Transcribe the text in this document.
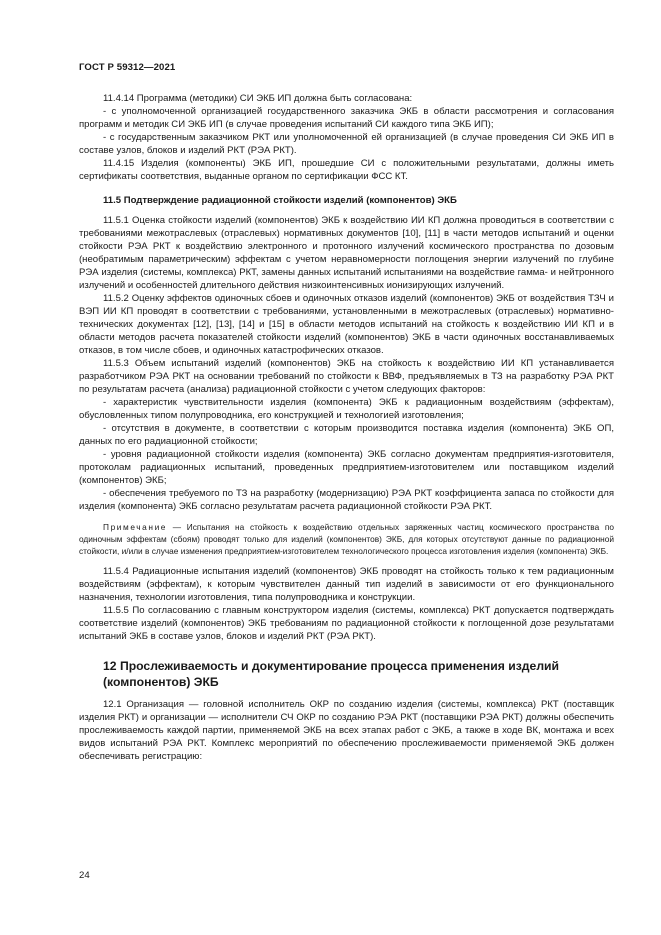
ГОСТ Р 59312—2021

11.4.14 Программа (методики) СИ ЭКБ ИП должна быть согласована:

- с уполномоченной организацией государственного заказчика ЭКБ в области рассмотрения и согласования программ и методик СИ ЭКБ ИП (в случае проведения испытаний СИ каждого типа ЭКБ ИП);

- с государственным заказчиком РКТ или уполномоченной ей организацией (в случае проведения СИ ЭКБ ИП в составе узлов, блоков и изделий РКТ (РЭА РКТ).

11.4.15 Изделия (компоненты) ЭКБ ИП, прошедшие СИ с положительными результатами, должны иметь сертификаты соответствия, выданные органом по сертификации ФСС КТ.

11.5 Подтверждение радиационной стойкости изделий (компонентов) ЭКБ

11.5.1 Оценка стойкости изделий (компонентов) ЭКБ к воздействию ИИ КП должна проводиться в соответствии с требованиями межотраслевых (отраслевых) нормативных документов [10], [11] в части методов испытаний и оценки стойкости РЭА РКТ к воздействию электронного и протонного излучений космического пространства по дозовым (необратимым параметрическим) эффектам с учетом неравномерности поглощения энергии излучений по глубине РЭА изделия (системы, комплекса) РКТ, замены данных испытаний испытаниями на воздействие гамма- и нейтронного излучений и особенностей длительного действия низкоинтенсивных ионизирующих излучений.

11.5.2 Оценку эффектов одиночных сбоев и одиночных отказов изделий (компонентов) ЭКБ от воздействия ТЗЧ и ВЭП ИИ КП проводят в соответствии с требованиями, установленными в межотраслевых (отраслевых) нормативно-технических документах [12], [13], [14] и [15] в области методов испытаний на стойкость к воздействию ИИ КП и в области методов расчета показателей стойкости изделий (компонентов) ЭКБ в части одиночных восстанавливаемых отказов, в том числе сбоев, и одиночных катастрофических отказов.

11.5.3 Объем испытаний изделий (компонентов) ЭКБ на стойкость к воздействию ИИ КП устанавливается разработчиком РЭА РКТ на основании требований по стойкости к ВВФ, предъявляемых в ТЗ на разработку РЭА РКТ по результатам расчета (анализа) радиационной стойкости с учетом следующих факторов:

- характеристик чувствительности изделия (компонента) ЭКБ к радиационным воздействиям (эффектам), обусловленных типом полупроводника, его конструкцией и технологией изготовления;

- отсутствия в документе, в соответствии с которым производится поставка изделия (компонента) ЭКБ ОП, данных по его радиационной стойкости;

- уровня радиационной стойкости изделия (компонента) ЭКБ согласно документам предприятия-изготовителя, протоколам радиационных испытаний, проведенных предприятием-изготовителем или поставщиком изделий (компонентов) ЭКБ;

- обеспечения требуемого по ТЗ на разработку (модернизацию) РЭА РКТ коэффициента запаса по стойкости для изделия (компонента) ЭКБ согласно результатам расчета радиационной стойкости РЭА РКТ.

Примечание — Испытания на стойкость к воздействию отдельных заряженных частиц космического пространства по одиночным эффектам (сбоям) проводят только для изделий (компонентов) ЭКБ, для которых отсутствуют данные по радиационной стойкости, и/или в случае изменения предприятием-изготовителем технологического процесса изготовления изделия (компонента) ЭКБ.

11.5.4 Радиационные испытания изделий (компонентов) ЭКБ проводят на стойкость только к тем радиационным воздействиям (эффектам), к которым чувствителен данный тип изделий в зависимости от его функционального назначения, технологии изготовления, типа полупроводника и конструкции.

11.5.5 По согласованию с главным конструктором изделия (системы, комплекса) РКТ допускается подтверждать соответствие изделий (компонентов) ЭКБ требованиям по радиационной стойкости к поглощенной дозе результатами испытаний ЭКБ в составе узлов, блоков и изделий РКТ (РЭА РКТ).

12 Прослеживаемость и документирование процесса применения изделий (компонентов) ЭКБ

12.1 Организация — головной исполнитель ОКР по созданию изделия (системы, комплекса) РКТ (поставщик изделия РКТ) и организации — исполнители СЧ ОКР по созданию РЭА РКТ (поставщики РЭА РКТ) должны обеспечить прослеживаемость каждой партии, применяемой ЭКБ на всех этапах работ с ЭКБ, а также в ходе ВК, монтажа и всех видов испытаний РЭА РКТ. Комплекс мероприятий по обеспечению прослеживаемости применяемой ЭКБ должен обеспечивать регистрацию:

24
